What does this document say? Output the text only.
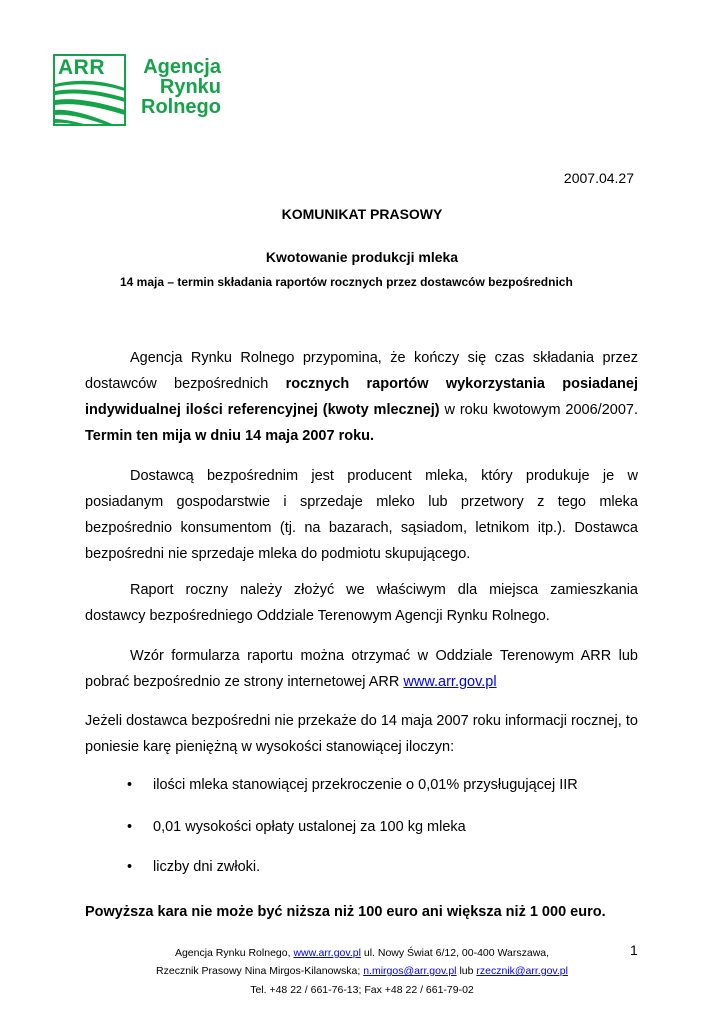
ARR Agencja
Rynku
Rolnego
2007.04.27
KOMUNIKAT PRASOWY
Kwotowanie produkcji mleka
14 maja – termin składania raportów rocznych przez dostawców bezpośrednich
Agencja Rynku Rolnego przypomina, że kończy się czas składania przez dostawców bezpośrednich rocznych raportów wykorzystania posiadanej indywidualnej ilości referencyjnej (kwoty mlecznej) w roku kwotowym 2006/2007. Termin ten mija w dniu 14 maja 2007 roku.
Dostawcą bezpośrednim jest producent mleka, który produkuje je w posiadanym gospodarstwie i sprzedaje mleko lub przetwory z tego mleka bezpośrednio konsumentom (tj. na bazarach, sąsiadom, letnikom itp.). Dostawca bezpośredni nie sprzedaje mleka do podmiotu skupującego.
Raport roczny należy złożyć we właściwym dla miejsca zamieszkania dostawcy bezpośredniego Oddziale Terenowym Agencji Rynku Rolnego.
Wzór formularza raportu można otrzymać w Oddziale Terenowym ARR lub pobrać bezpośrednio ze strony internetowej ARR www.arr.gov.pl
Jeżeli dostawca bezpośredni nie przekaże do 14 maja 2007 roku informacji rocznej, to poniesie karę pieniężną w wysokości stanowiącej iloczyn:
• ilości mleka stanowiącej przekroczenie o 0,01% przysługującej IIR
• 0,01 wysokości opłaty ustalonej za 100 kg mleka
• liczby dni zwłoki.
Powyższa kara nie może być niższa niż 100 euro ani większa niż 1 000 euro.
Agencja Rynku Rolnego, www.arr.gov.pl ul. Nowy Świat 6/12, 00-400 Warszawa,
Rzecznik Prasowy Nina Mirgos-Kilanowska; n.mirgos@arr.gov.pl lub rzecznik@arr.gov.pl
Tel. +48 22 / 661-76-13; Fax +48 22 / 661-79-02
1
